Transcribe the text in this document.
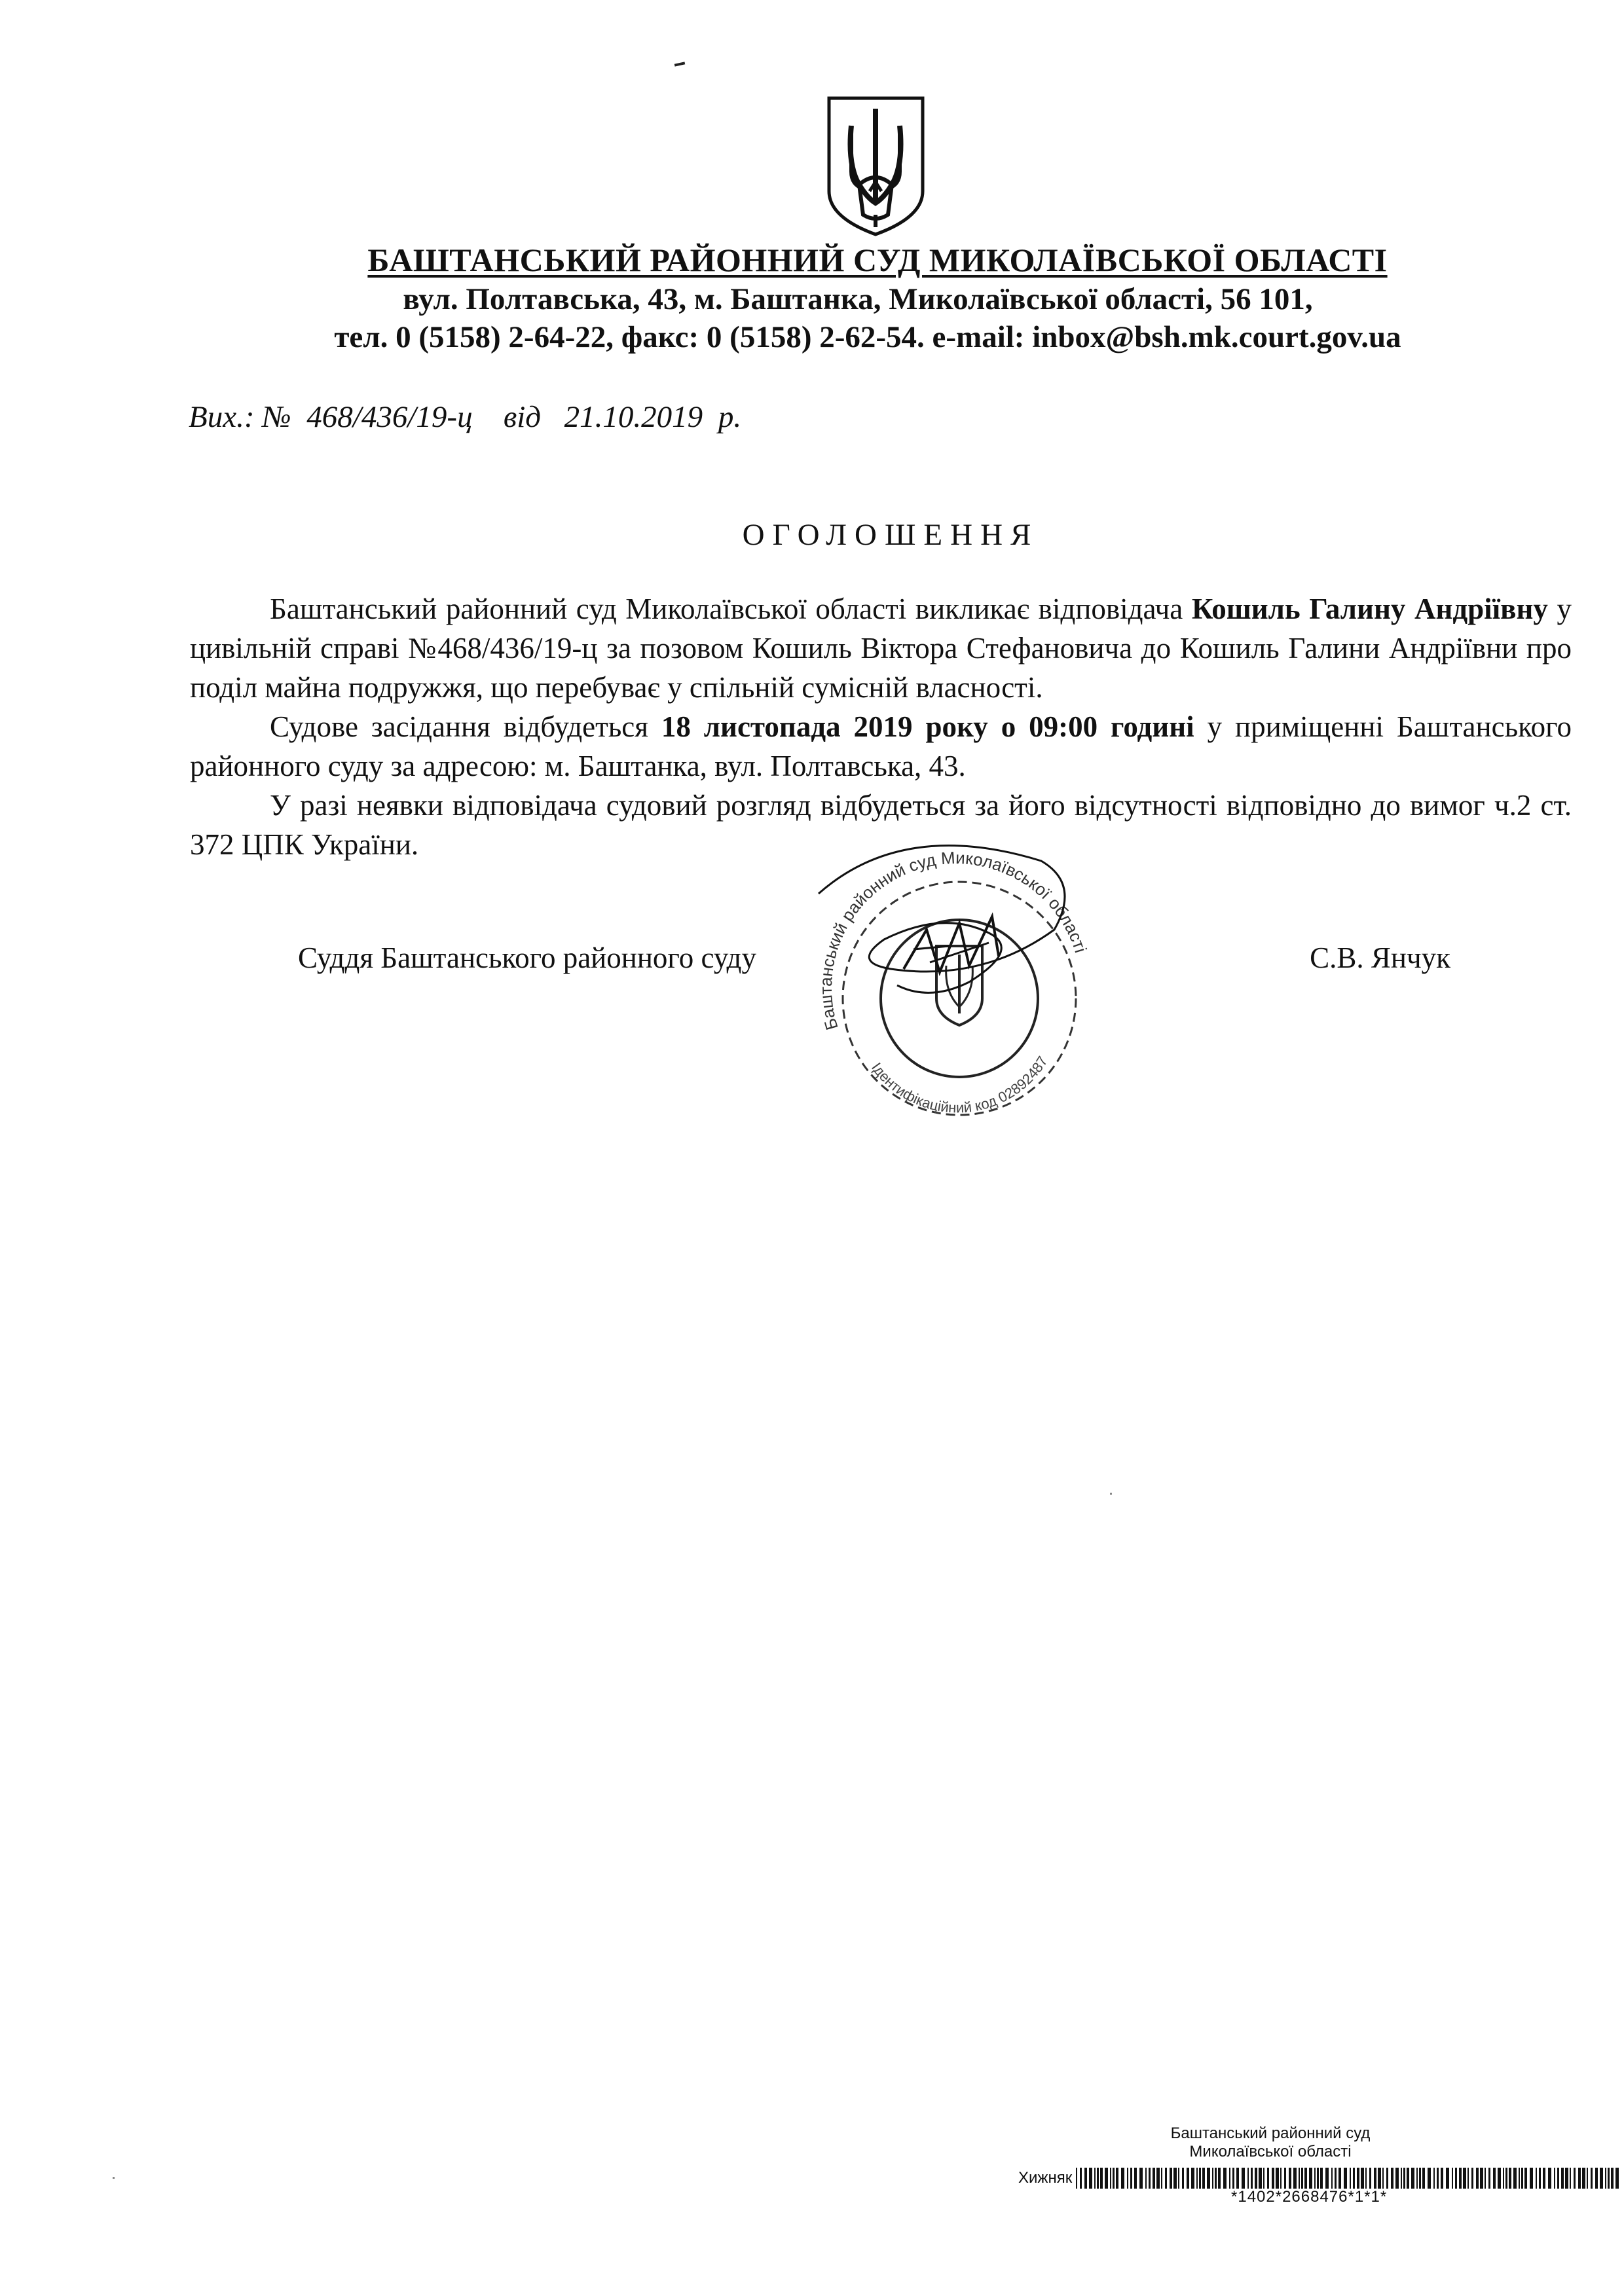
БАШТАНСЬКИЙ РАЙОННИЙ СУД МИКОЛАЇВСЬКОЇ ОБЛАСТІ
вул. Полтавська, 43, м. Баштанка, Миколаївської області, 56 101,
тел. 0 (5158) 2-64-22, факс: 0 (5158) 2-62-54. e-mail: inbox@bsh.mk.court.gov.ua
Вих.: № 468/436/19-ц від 21.10.2019 р.
ОГОЛОШЕННЯ

Баштанський районний суд Миколаївської області викликає відповідача Кошиль Галину Андріївну у цивільній справі №468/436/19-ц за позовом Кошиль Віктора Стефановича до Кошиль Галини Андріївни про поділ майна подружжя, що перебуває у спільній сумісній власності.

Судове засідання відбудеться 18 листопада 2019 року о 09:00 годині у приміщенні Баштанського районного суду за адресою: м. Баштанка, вул. Полтавська, 43.

У разі неявки відповідача судовий розгляд відбудеться за його відсутності відповідно до вимог ч.2 ст. 372 ЦПК України.

Суддя Баштанського районного суду	С.В. Янчук
Баштанський районний суд Миколаївської області
Ідентифікаційний код 02892487
Баштанський районний суд
Миколаївської області
Хижняк
*1402*2668476*1*1*
